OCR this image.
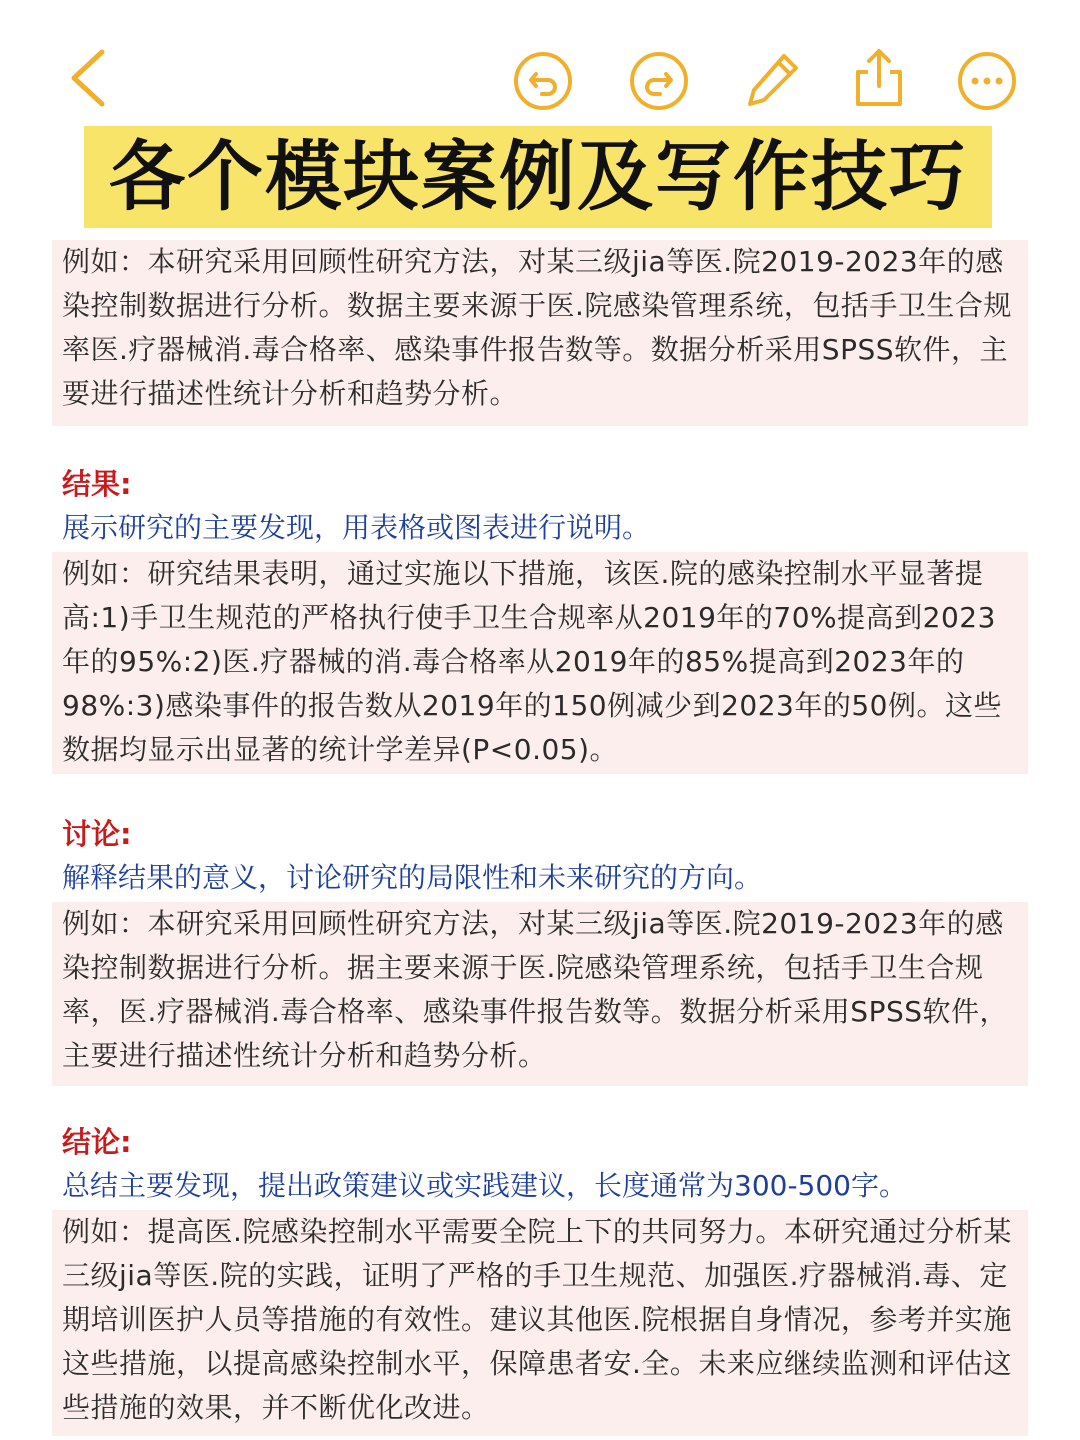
各个模块案例及写作技巧
例如：本研究采用回顾性研究方法，对某三级jia等医.院2019-2023年的感染控制数据进行分析。数据主要来源于医.院感染管理系统，包括手卫生合规率医.疗器械消.毒合格率、感染事件报告数等。数据分析采用SPSS软件，主要进行描述性统计分析和趋势分析。
结果:
展示研究的主要发现，用表格或图表进行说明。
例如：研究结果表明，通过实施以下措施，该医.院的感染控制水平显著提高:1)手卫生规范的严格执行使手卫生合规率从2019年的70%提高到2023年的95%:2)医.疗器械的消.毒合格率从2019年的85%提高到2023年的98%:3)感染事件的报告数从2019年的150例减少到2023年的50例。这些数据均显示出显著的统计学差异(P<0.05)。
讨论:
解释结果的意义，讨论研究的局限性和未来研究的方向。
例如：本研究采用回顾性研究方法，对某三级jia等医.院2019-2023年的感染控制数据进行分析。据主要来源于医.院感染管理系统，包括手卫生合规率，医.疗器械消.毒合格率、感染事件报告数等。数据分析采用SPSS软件，主要进行描述性统计分析和趋势分析。
结论:
总结主要发现，提出政策建议或实践建议，长度通常为300-500字。
例如：提高医.院感染控制水平需要全院上下的共同努力。本研究通过分析某三级jia等医.院的实践，证明了严格的手卫生规范、加强医.疗器械消.毒、定期培训医护人员等措施的有效性。建议其他医.院根据自身情况，参考并实施这些措施，以提高感染控制水平，保障患者安.全。未来应继续监测和评估这些措施的效果，并不断优化改进。
